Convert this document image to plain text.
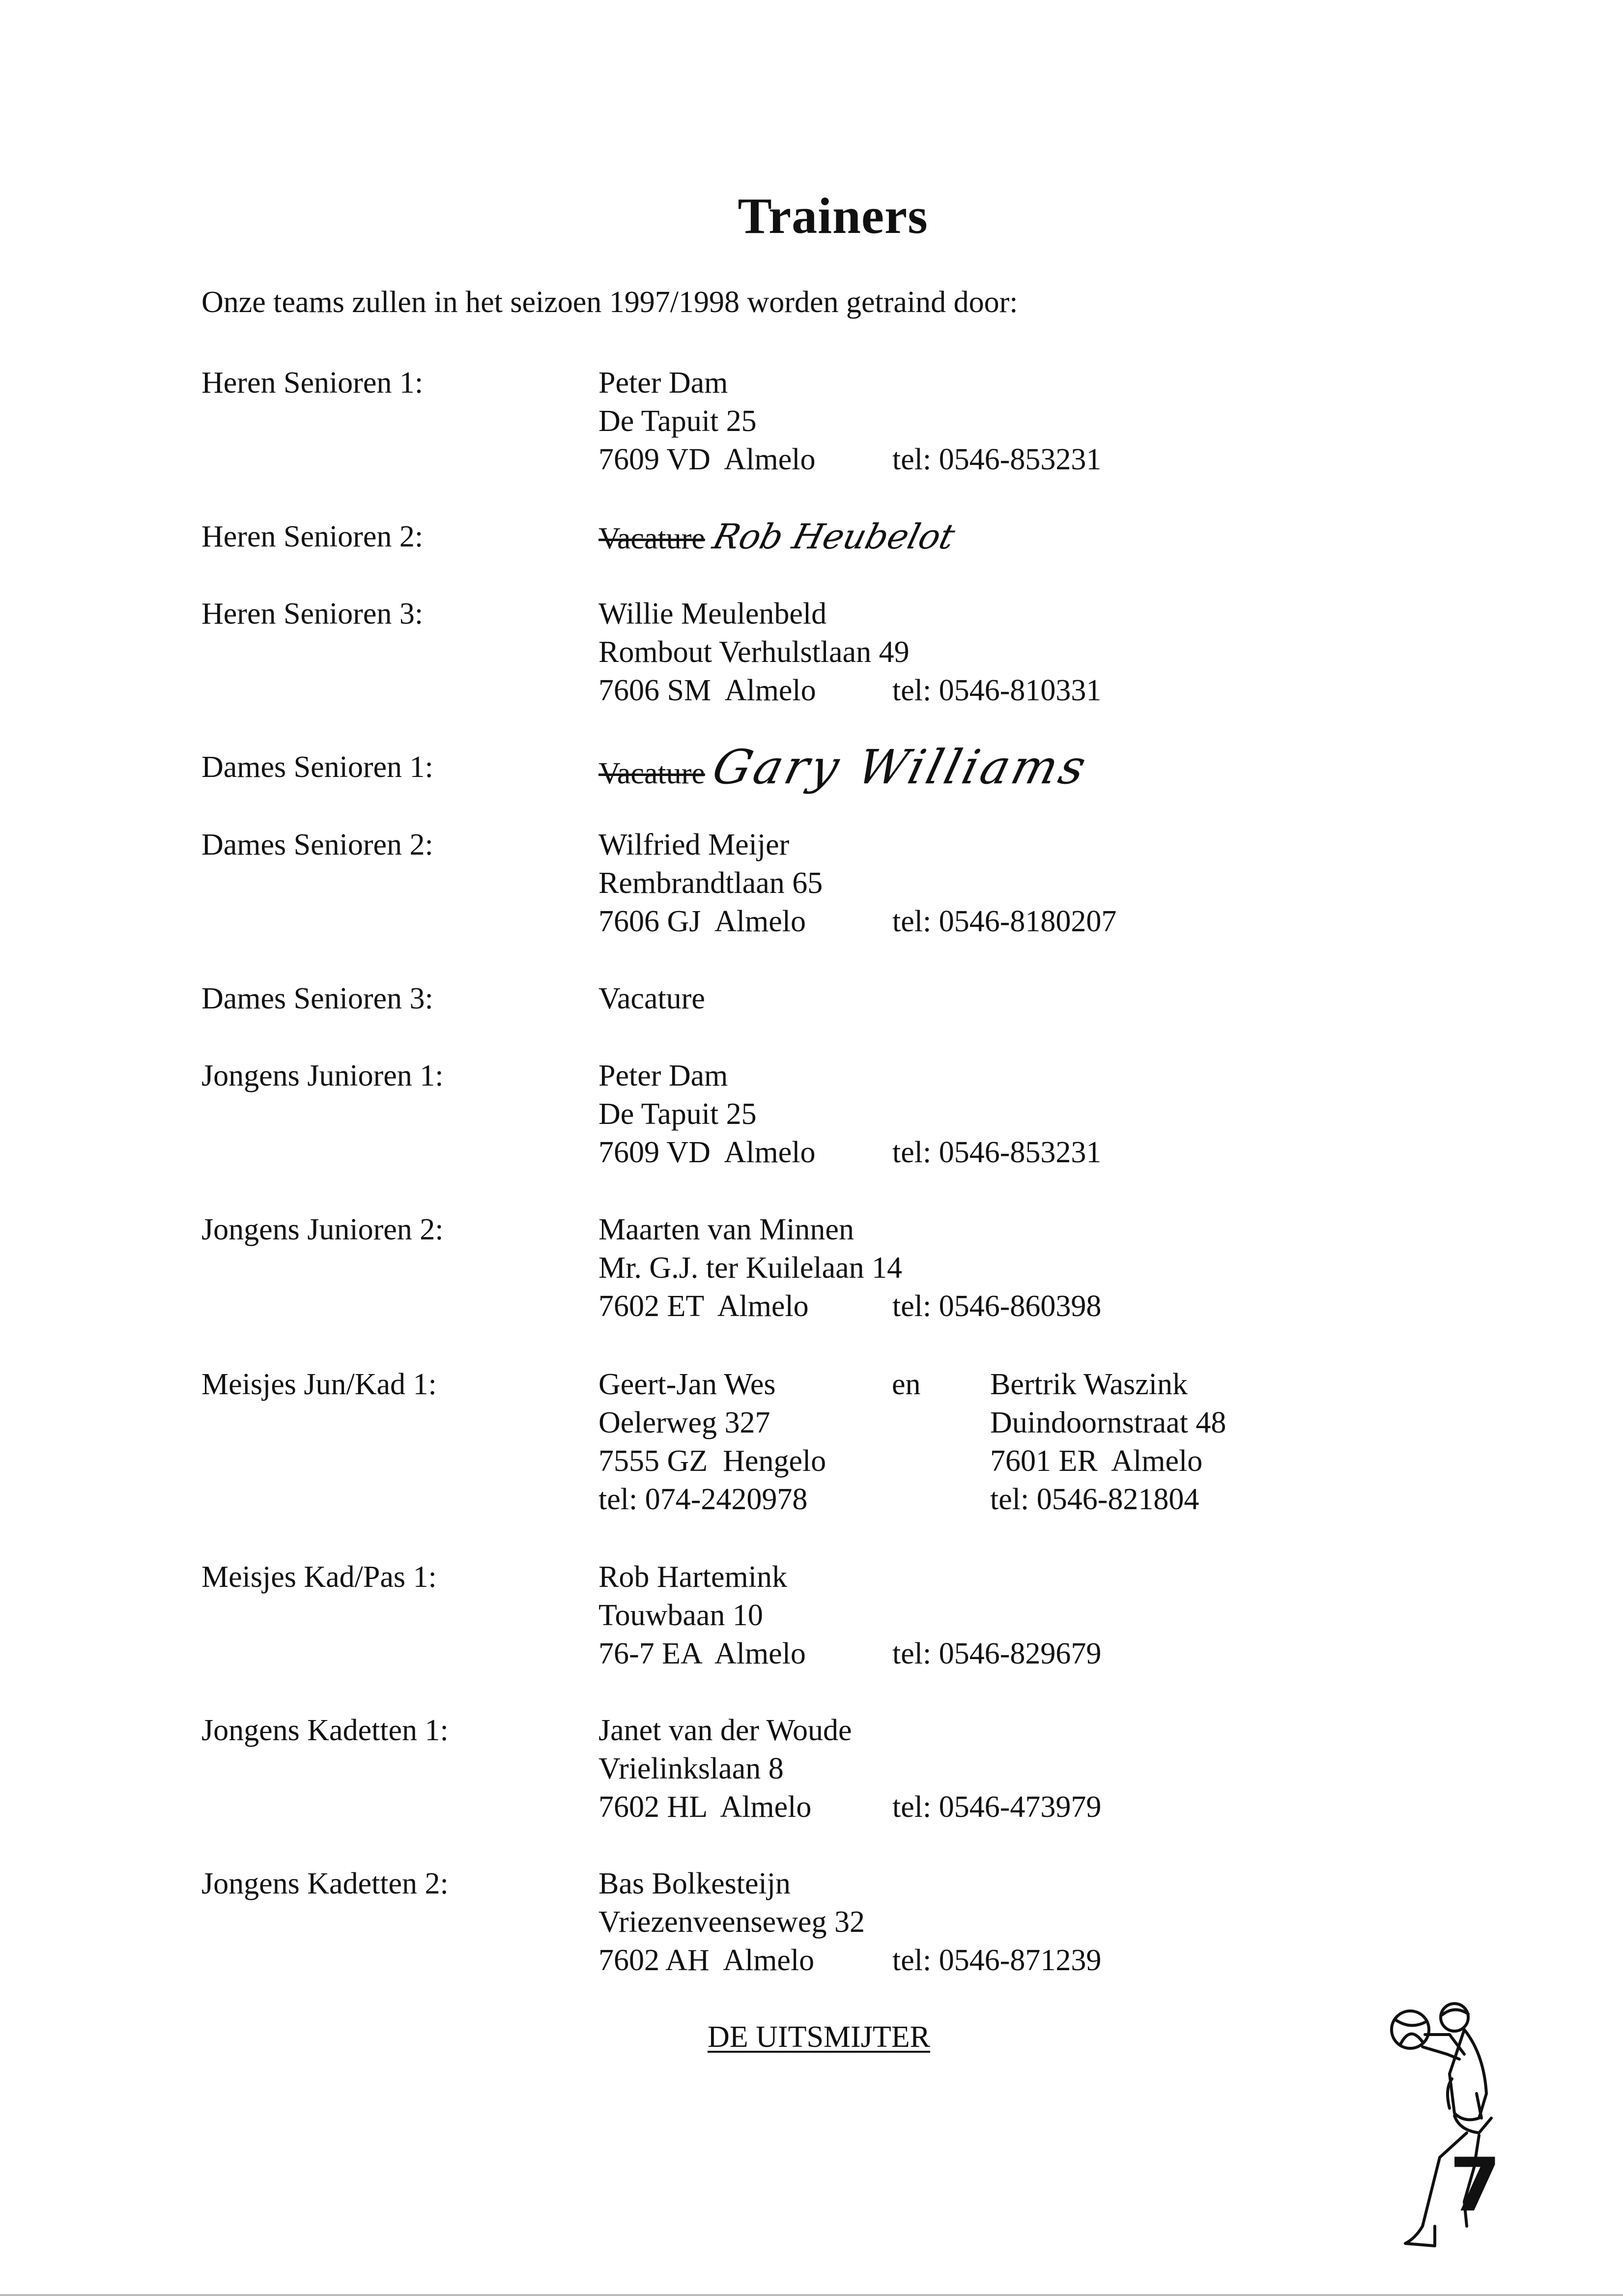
Trainers
Onze teams zullen in het seizoen 1997/1998 worden getraind door:
Heren Senioren 1:	Peter Dam
De Tapuit 25
7609 VD  Almelo	tel: 0546-853231
Heren Senioren 2:	Vacature Rob Heubelot
Heren Senioren 3:	Willie Meulenbeld
Rombout Verhulstlaan 49
7606 SM  Almelo	tel: 0546-810331
Dames Senioren 1:	VacatureGary Williams
Dames Senioren 2:	Wilfried Meijer
Rembrandtlaan 65
7606 GJ  Almelo	tel: 0546-8180207
Dames Senioren 3:	Vacature
Jongens Junioren 1:	Peter Dam
De Tapuit 25
7609 VD  Almelo	tel: 0546-853231
Jongens Junioren 2:	Maarten van Minnen
Mr. G.J. ter Kuilelaan 14
7602 ET  Almelo	tel: 0546-860398
Meisjes Jun/Kad 1:	Geert-Jan Wes
Oelerweg 327
7555 GZ  Hengelo
tel: 074-2420978
en Bertrik Waszink
Duindoornstraat 48
7601 ER  Almelo
tel: 0546-821804
Meisjes Kad/Pas 1:	Rob Hartemink
Touwbaan 10
76-7 EA  Almelo	tel: 0546-829679
Jongens Kadetten 1:	Janet van der Woude
Vrielinkslaan 8
7602 HL  Almelo	tel: 0546-473979
Jongens Kadetten 2:	Bas Bolkesteijn
Vriezenveenseweg 32
7602 AH  Almelo	tel: 0546-871239
DE UITSMIJTER
7
